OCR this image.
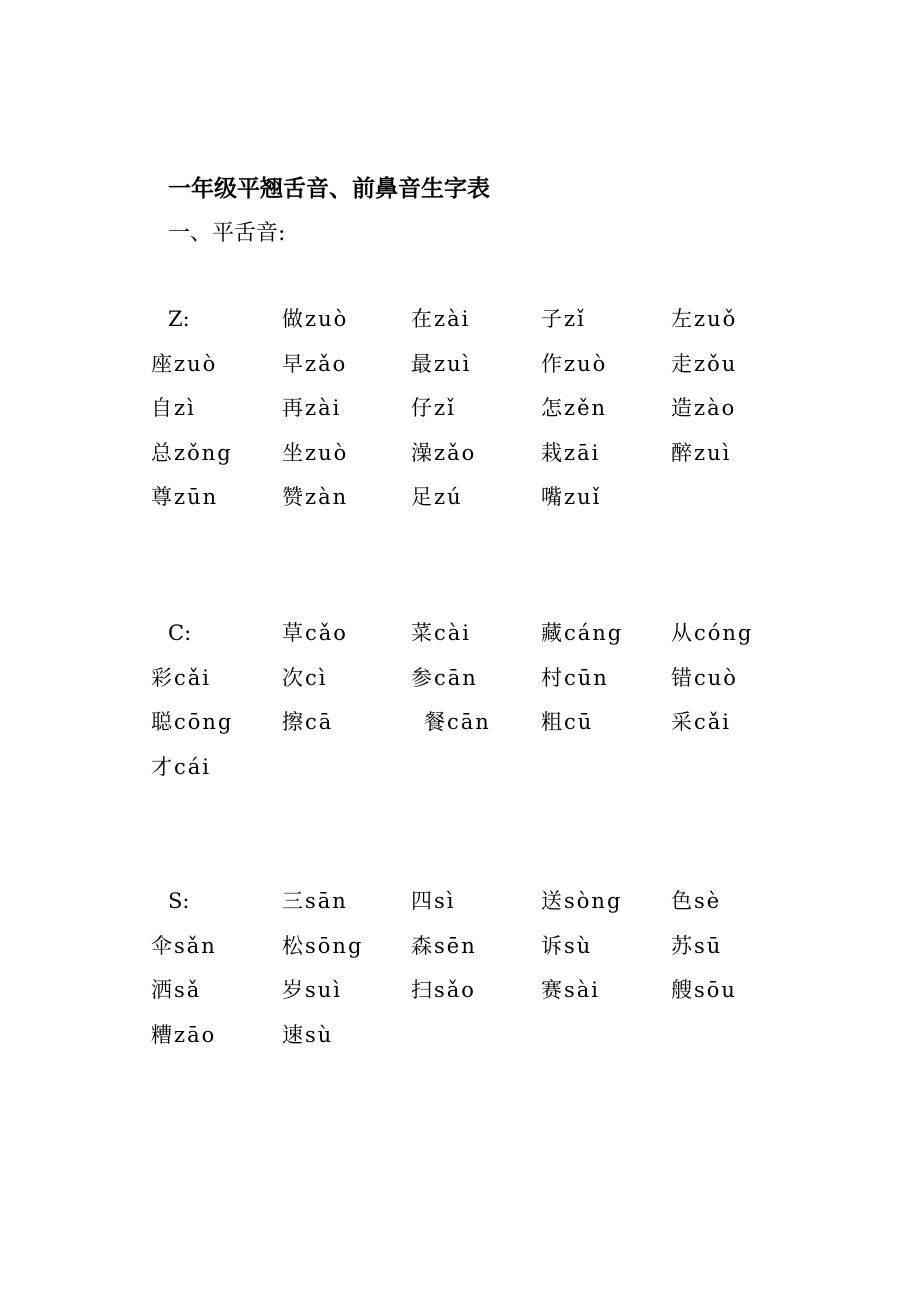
一年级平翘舌音、前鼻音生字表
一、平舌音:
Z:	做zuò	在zài	子zǐ	左zuǒ
座zuò	早zǎo	最zuì	作zuò	走zǒu
自zì	再zài	仔zǐ	怎zěn	造zào
总zǒng 坐zuò	澡zǎo	栽zāi	醉zuì
尊zūn	赞zàn	足zú	嘴zuǐ
C:	草cǎo	菜cài	藏cáng 从cóng
彩cǎi	次cì	参cān	村cūn	错cuò
聪cōng 擦cā	餐cān 粗cū	采cǎi
才cái
S:	三sān	四sì	送sòng 色sè
伞sǎn	松sōng 森sēn	诉sù	苏sū
洒sǎ	岁suì	扫sǎo	赛sài	艘sōu
糟zāo	速sù
